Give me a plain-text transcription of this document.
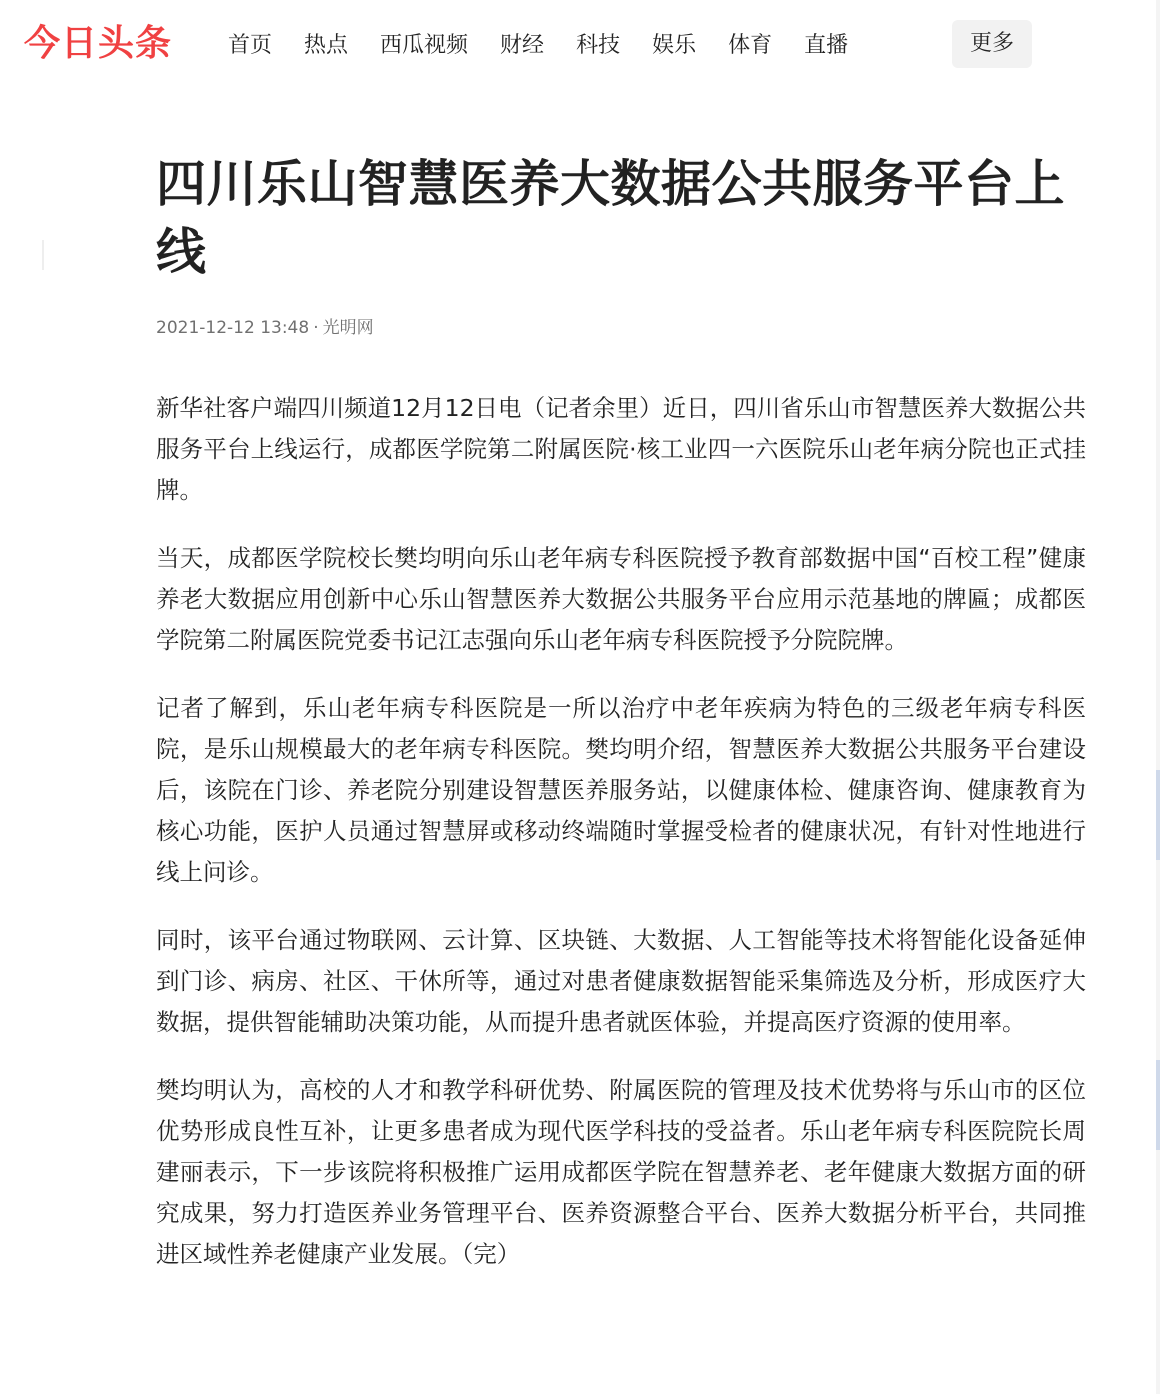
今日头条	首页	热点	西瓜视频	财经	科技	娱乐	体育	直播	更多
四川乐山智慧医养大数据公共服务平台上线
2021-12-12 13:48 · 光明网

新华社客户端四川频道12月12日电（记者余里）近日，四川省乐山市智慧医养大数据公共服务平台上线运行，成都医学院第二附属医院·核工业四一六医院乐山老年病分院也正式挂牌。

当天，成都医学院校长樊均明向乐山老年病专科医院授予教育部数据中国“百校工程”健康养老大数据应用创新中心乐山智慧医养大数据公共服务平台应用示范基地的牌匾；成都医学院第二附属医院党委书记江志强向乐山老年病专科医院授予分院院牌。

记者了解到，乐山老年病专科医院是一所以治疗中老年疾病为特色的三级老年病专科医院，是乐山规模最大的老年病专科医院。樊均明介绍，智慧医养大数据公共服务平台建设后，该院在门诊、养老院分别建设智慧医养服务站，以健康体检、健康咨询、健康教育为核心功能，医护人员通过智慧屏或移动终端随时掌握受检者的健康状况，有针对性地进行线上问诊。

同时，该平台通过物联网、云计算、区块链、大数据、人工智能等技术将智能化设备延伸到门诊、病房、社区、干休所等，通过对患者健康数据智能采集筛选及分析，形成医疗大数据，提供智能辅助决策功能，从而提升患者就医体验，并提高医疗资源的使用率。

樊均明认为，高校的人才和教学科研优势、附属医院的管理及技术优势将与乐山市的区位优势形成良性互补，让更多患者成为现代医学科技的受益者。乐山老年病专科医院院长周建丽表示，下一步该院将积极推广运用成都医学院在智慧养老、老年健康大数据方面的研究成果，努力打造医养业务管理平台、医养资源整合平台、医养大数据分析平台，共同推进区域性养老健康产业发展。（完）
